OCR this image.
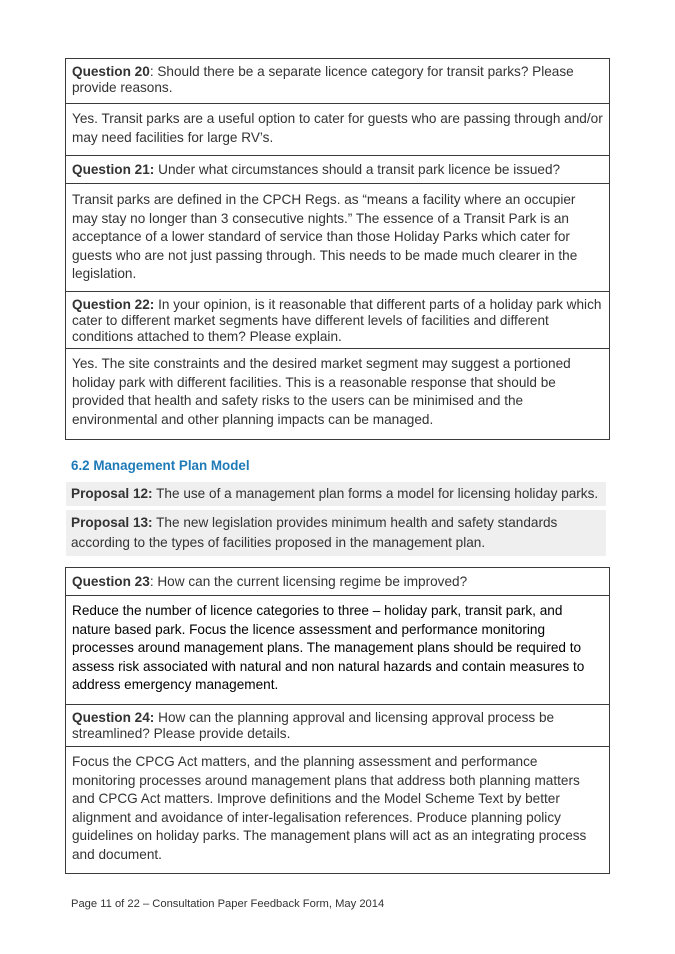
Question 20: Should there be a separate licence category for transit parks? Please provide reasons.
Yes. Transit parks are a useful option to cater for guests who are passing through and/or may need facilities for large RV’s.
Question 21: Under what circumstances should a transit park licence be issued?
Transit parks are defined in the CPCH Regs. as “means a facility where an occupier may stay no longer than 3 consecutive nights.” The essence of a Transit Park is an acceptance of a lower standard of service than those Holiday Parks which cater for guests who are not just passing through. This needs to be made much clearer in the legislation.
Question 22: In your opinion, is it reasonable that different parts of a holiday park which cater to different market segments have different levels of facilities and different conditions attached to them? Please explain.
Yes. The site constraints and the desired market segment may suggest a portioned holiday park with different facilities. This is a reasonable response that should be provided that health and safety risks to the users can be minimised and the environmental and other planning impacts can be managed.
6.2 Management Plan Model
Proposal 12: The use of a management plan forms a model for licensing holiday parks.
Proposal 13: The new legislation provides minimum health and safety standards according to the types of facilities proposed in the management plan.
Question 23: How can the current licensing regime be improved?
Reduce the number of licence categories to three – holiday park, transit park, and nature based park. Focus the licence assessment and performance monitoring processes around management plans. The management plans should be required to assess risk associated with natural and non natural hazards and contain measures to address emergency management.
Question 24: How can the planning approval and licensing approval process be streamlined? Please provide details.
Focus the CPCG Act matters, and the planning assessment and performance monitoring processes around management plans that address both planning matters and CPCG Act matters. Improve definitions and the Model Scheme Text by better alignment and avoidance of inter-legalisation references. Produce planning policy guidelines on holiday parks. The management plans will act as an integrating process and document.
Page 11 of 22 – Consultation Paper Feedback Form, May 2014
